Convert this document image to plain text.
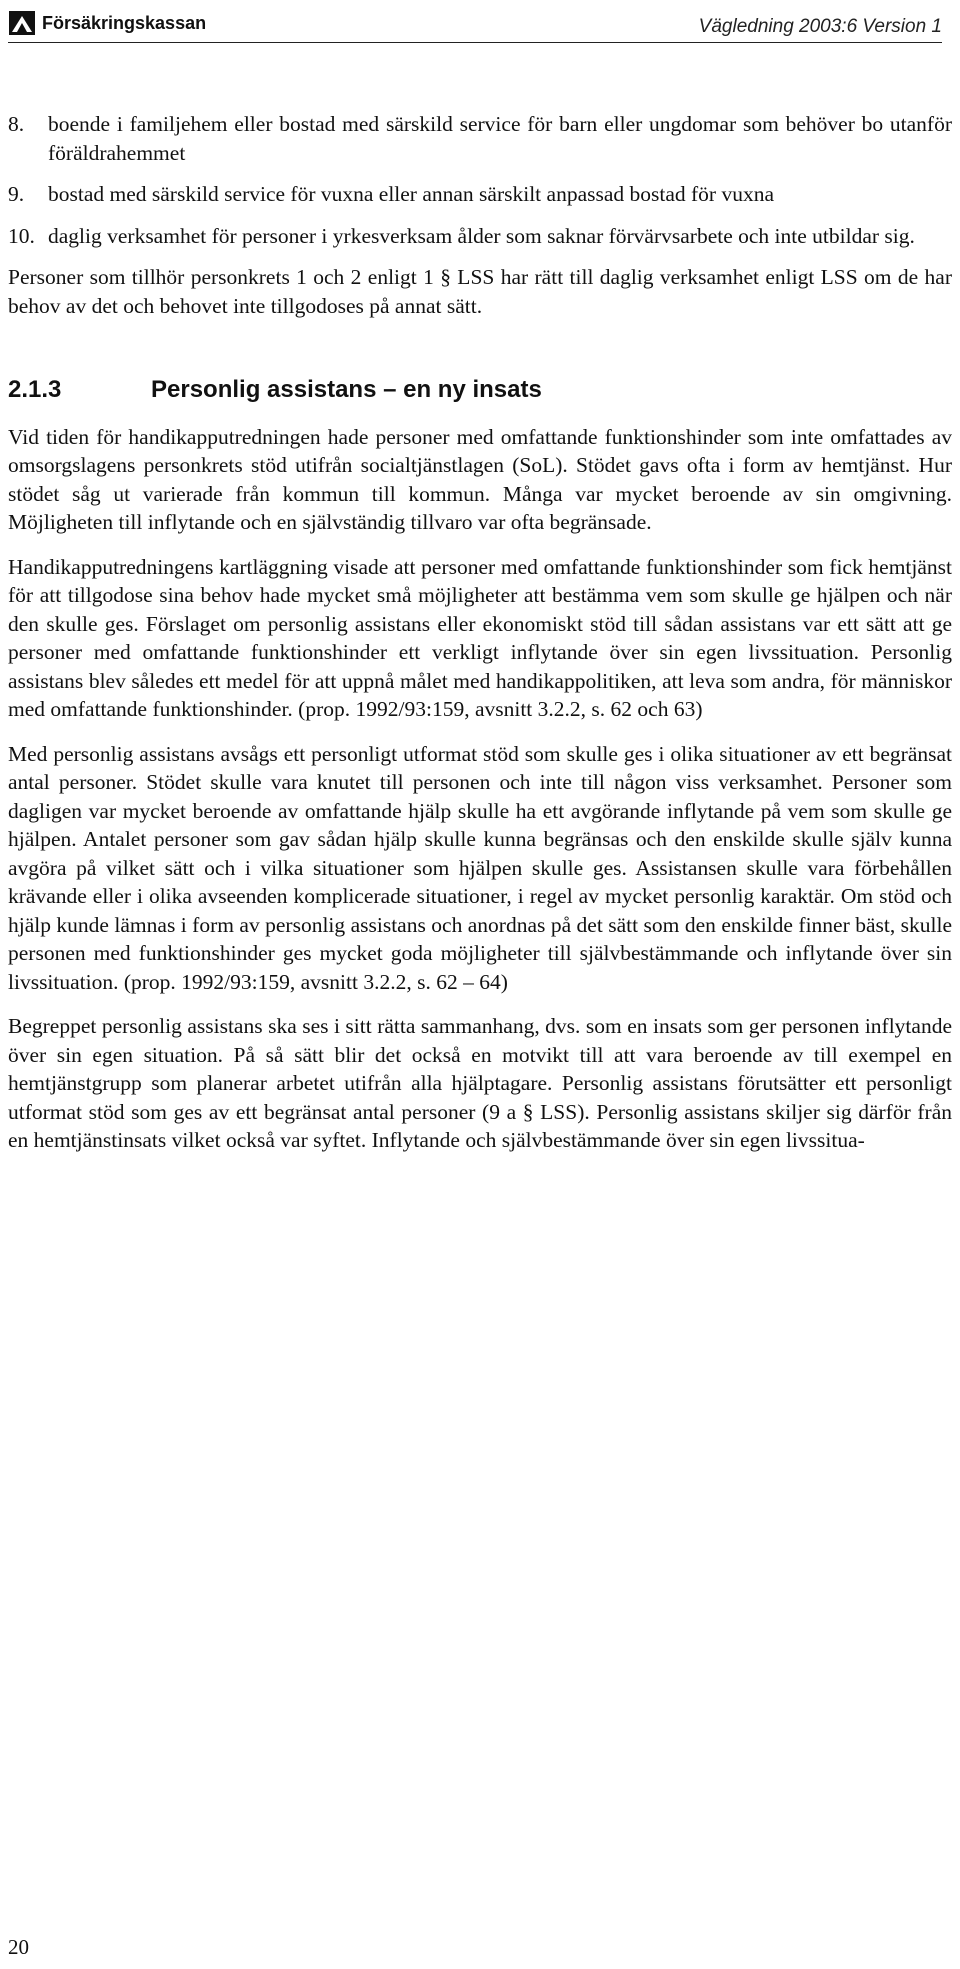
Försäkringskassan	Vägledning 2003:6 Version 1
8.	boende i familjehem eller bostad med särskild service för barn eller ungdomar som behöver bo utanför föräldrahemmet
9.	bostad med särskild service för vuxna eller annan särskilt anpassad bostad för vuxna
10. daglig verksamhet för personer i yrkesverksam ålder som saknar förvärvsarbete och inte utbildar sig.

Personer som tillhör personkrets 1 och 2 enligt 1 § LSS har rätt till daglig verksamhet enligt LSS om de har behov av det och behovet inte tillgodoses på annat sätt.

2.1.3	Personlig assistans – en ny insats

Vid tiden för handikapputredningen hade personer med omfattande funktionshinder som inte omfattades av omsorgslagens personkrets stöd utifrån socialtjänstlagen (SoL). Stödet gavs ofta i form av hemtjänst. Hur stödet såg ut varierade från kommun till kommun. Många var mycket beroende av sin omgivning. Möjligheten till inflytande och en självständig tillvaro var ofta begränsade.

Handikapputredningens kartläggning visade att personer med omfattande funktionshinder som fick hemtjänst för att tillgodose sina behov hade mycket små möjligheter att bestämma vem som skulle ge hjälpen och när den skulle ges. Förslaget om personlig assistans eller ekonomiskt stöd till sådan assistans var ett sätt att ge personer med omfattande funktionshinder ett verkligt inflytande över sin egen livssituation. Personlig assistans blev således ett medel för att uppnå målet med handikappolitiken, att leva som andra, för människor med omfattande funktionshinder. (prop. 1992/93:159, avsnitt 3.2.2, s. 62 och 63)

Med personlig assistans avsågs ett personligt utformat stöd som skulle ges i olika situationer av ett begränsat antal personer. Stödet skulle vara knutet till personen och inte till någon viss verksamhet. Personer som dagligen var mycket beroende av omfattande hjälp skulle ha ett avgörande inflytande på vem som skulle ge hjälpen. Antalet personer som gav sådan hjälp skulle kunna begränsas och den enskilde skulle själv kunna avgöra på vilket sätt och i vilka situationer som hjälpen skulle ges. Assistansen skulle vara förbehållen krävande eller i olika avseenden komplicerade situationer, i regel av mycket personlig karaktär. Om stöd och hjälp kunde lämnas i form av personlig assistans och anordnas på det sätt som den enskilde finner bäst, skulle personen med funktionshinder ges mycket goda möjligheter till självbestämmande och inflytande över sin livssituation. (prop. 1992/93:159, avsnitt 3.2.2, s. 62 – 64)

Begreppet personlig assistans ska ses i sitt rätta sammanhang, dvs. som en insats som ger personen inflytande över sin egen situation. På så sätt blir det också en motvikt till att vara beroende av till exempel en hemtjänstgrupp som planerar arbetet utifrån alla hjälptagare. Personlig assistans förutsätter ett personligt utformat stöd som ges av ett begränsat antal personer (9 a § LSS). Personlig assistans skiljer sig därför från en hemtjänstinsats vilket också var syftet. Inflytande och självbestämmande över sin egen livssitua-

20
